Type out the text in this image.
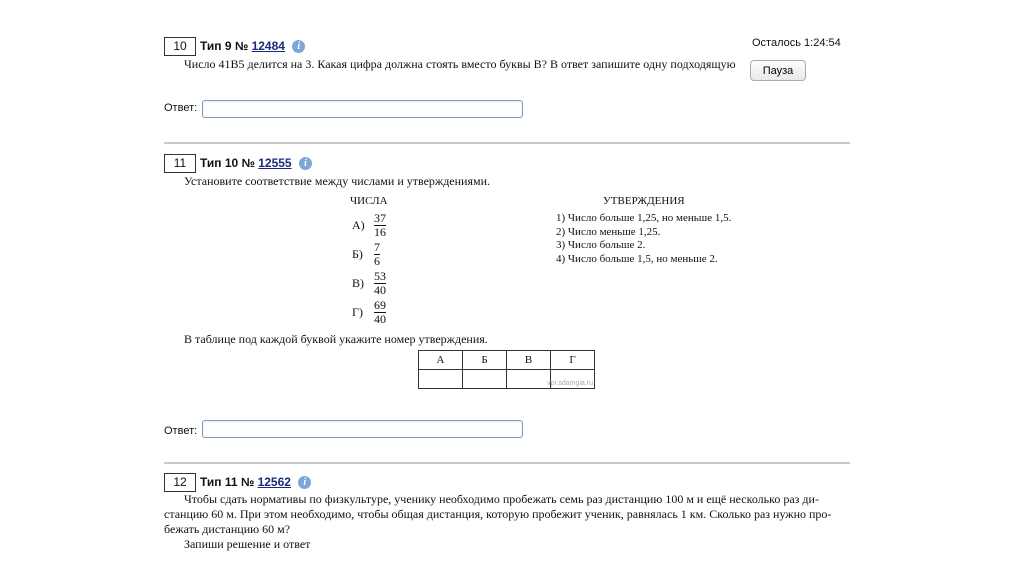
10	Тип 9 № 12484 i	Осталось 1:24:54
Число 41B5 делится на 3. Какая цифра должна стоять вместо буквы B? В ответ запишите одну подходящую	Пауза
Ответ:
11	Тип 10 № 12555 i
Установите соответствие между числами и утверждениями.
ЧИСЛА	УТВЕРЖДЕНИЯ
$А) \frac{37}{16}$
$Б) \frac{7}{6}$
$В) \frac{53}{40}$
$Г) \frac{69}{40}$
1) Число больше 1,25, но меньше 1,5.
2) Число меньше 1,25.
3) Число больше 2.
4) Число больше 1,5, но меньше 2.
В таблице под каждой буквой укажите номер утверждения.
А	Б	В	Г

			vpr.sdamgia.ru
Ответ:
12	Тип 11 № 12562 i
Чтобы сдать нормативы по физкультуре, ученику необходимо пробежать семь раз дистанцию 100 м и ещё несколько раз ди-
станцию 60 м. При этом необходимо, чтобы общая дистанция, которую пробежит ученик, равнялась 1 км. Сколько раз нужно про-
бежать дистанцию 60 м?
Запиши решение и ответ
